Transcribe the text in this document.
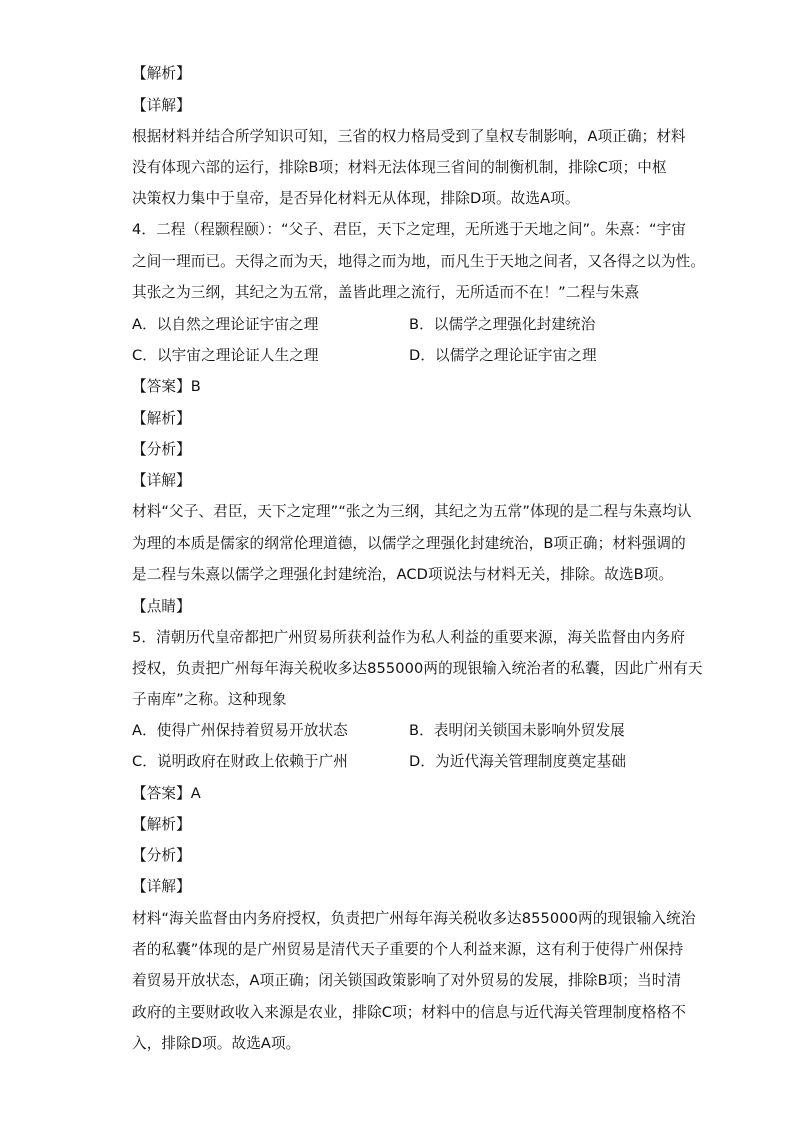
【解析】
【详解】
根据材料并结合所学知识可知，三省的权力格局受到了皇权专制影响，A项正确；材料
没有体现六部的运行，排除B项；材料无法体现三省间的制衡机制，排除C项；中枢
决策权力集中于皇帝，是否异化材料无从体现，排除D项。故选A项。
4．二程（程颢程颐）：“父子、君臣，天下之定理，无所逃于天地之间”。朱熹：“宇宙
之间一理而已。天得之而为天，地得之而为地，而凡生于天地之间者，又各得之以为性。
其张之为三纲，其纪之为五常，盖皆此理之流行，无所适而不在！”二程与朱熹
A．以自然之理论证宇宙之理	B．以儒学之理强化封建统治
C．以宇宙之理论证人生之理	D．以儒学之理论证宇宙之理
【答案】B
【解析】
【分析】
【详解】
材料“父子、君臣，天下之定理”“张之为三纲，其纪之为五常”体现的是二程与朱熹均认
为理的本质是儒家的纲常伦理道德，以儒学之理强化封建统治，B项正确；材料强调的
是二程与朱熹以儒学之理强化封建统治，ACD项说法与材料无关，排除。故选B项。
【点睛】
5．清朝历代皇帝都把广州贸易所获利益作为私人利益的重要来源，海关监督由内务府
授权，负责把广州每年海关税收多达855000两的现银输入统治者的私囊，因此广州有天
子南库”之称。这种现象
A．使得广州保持着贸易开放状态	B．表明闭关锁国未影响外贸发展
C．说明政府在财政上依赖于广州	D．为近代海关管理制度奠定基础
【答案】A
【解析】
【分析】
【详解】
材料“海关监督由内务府授权，负责把广州每年海关税收多达855000两的现银输入统治
者的私囊”体现的是广州贸易是清代天子重要的个人利益来源，这有利于使得广州保持
着贸易开放状态，A项正确；闭关锁国政策影响了对外贸易的发展，排除B项；当时清
政府的主要财政收入来源是农业，排除C项；材料中的信息与近代海关管理制度格格不
入，排除D项。故选A项。
